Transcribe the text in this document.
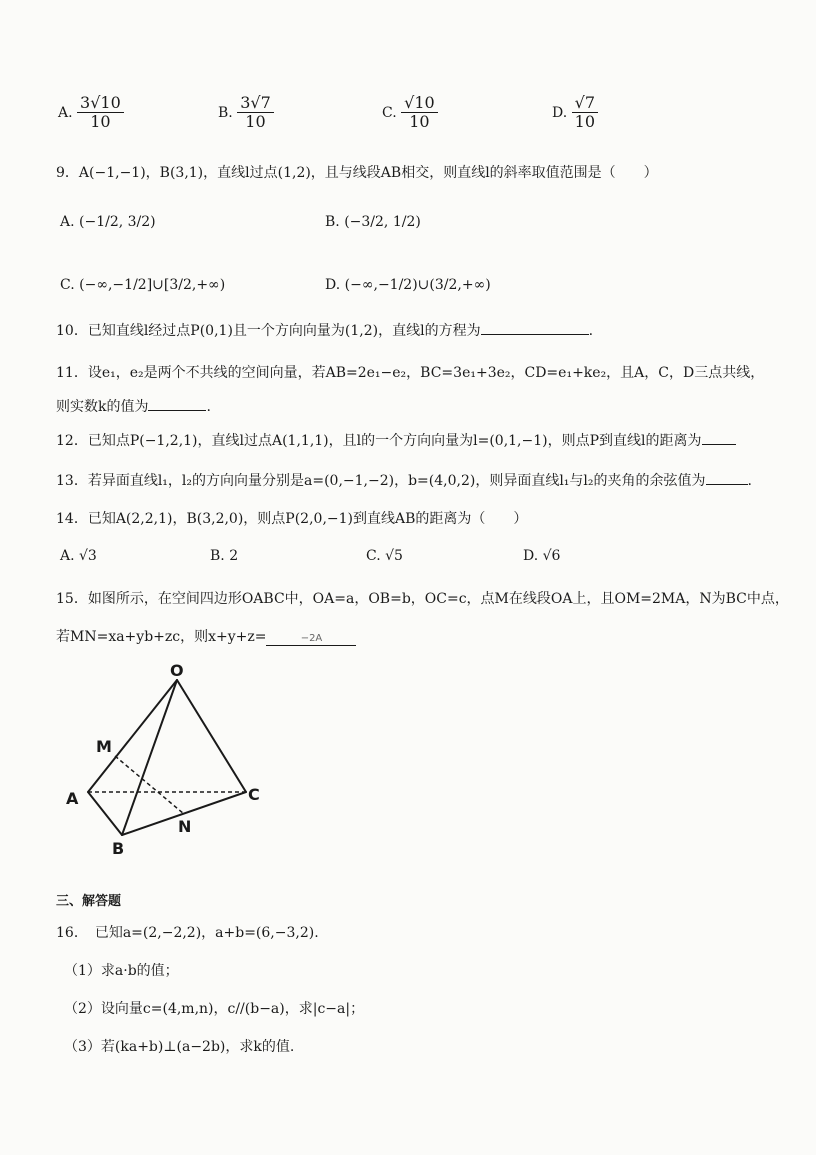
A. $\frac{3√10}{10}$	B. $\frac{3√7}{10}$	C. $\frac{√10}{10}$	D. $\frac{√7}{10}$
9．A(−1,−1)，B(3,1)，直线l过点(1,2)，且与线段AB相交，则直线l的斜率取值范围是（　　）
A. (−1/2, 3/2)	B. (−3/2, 1/2)
C. (−∞,−1/2]∪[3/2,+∞)	D. (−∞,−1/2)∪(3/2,+∞)
10．已知直线l经过点P(0,1)且一个方向向量为(1,2)，直线l的方程为	.
11．设e₁，e₂是两个不共线的空间向量，若AB=2e₁−e₂，BC=3e₁+3e₂，CD=e₁+ke₂，且A，C，D三点共线，
则实数k的值为	.
12．已知点P(−1,2,1)，直线l过点A(1,1,1)，且l的一个方向向量为l=(0,1,−1)，则点P到直线l的距离为
13．若异面直线l₁，l₂的方向向量分别是a=(0,−1,−2)，b=(4,0,2)，则异面直线l₁与l₂的夹角的余弦值为	.
14．已知A(2,2,1)，B(3,2,0)，则点P(2,0,−1)到直线AB的距离为（　　）
A. √3	B. 2	C. √5	D. √6
15．如图所示，在空间四边形OABC中，OA=a，OB=b，OC=c，点M在线段OA上，且OM=2MA，N为BC中点，
若MN=xa+yb+zc，则x+y+z=	−2A
O
M
A	C
N
B
三、解答题
16．　已知a=(2,−2,2)，a+b=(6,−3,2).
（1）求a·b的值；
（2）设向量c=(4,m,n)，c//(b−a)，求|c−a|；
（3）若(ka+b)⊥(a−2b)，求k的值.
